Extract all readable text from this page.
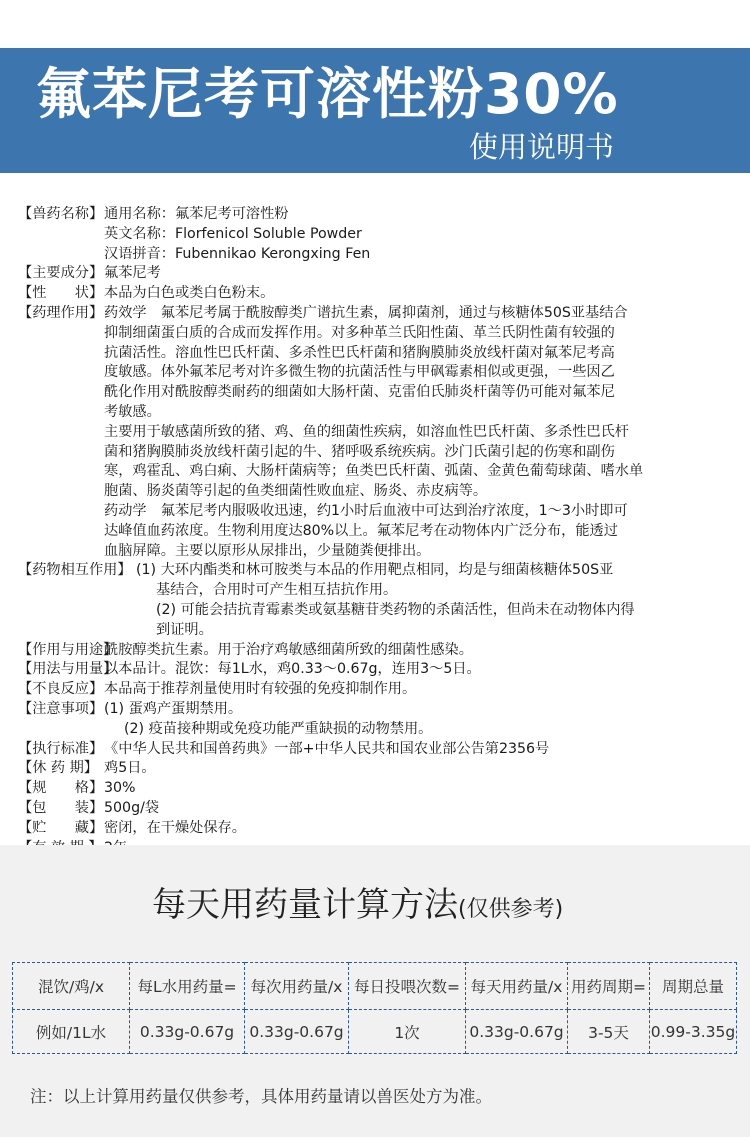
氟苯尼考可溶性粉30%
使用说明书
【兽药名称】 通用名称：氟苯尼考可溶性粉
英文名称：Florfenicol Soluble Powder
汉语拼音：Fubennikao Kerongxing Fen
【主要成分】 氟苯尼考
【性　　状】 本品为白色或类白色粉末。
【药理作用】 药效学　氟苯尼考属于酰胺醇类广谱抗生素，属抑菌剂，通过与核糖体50S亚基结合
抑制细菌蛋白质的合成而发挥作用。对多种革兰氏阳性菌、革兰氏阴性菌有较强的
抗菌活性。溶血性巴氏杆菌、多杀性巴氏杆菌和猪胸膜肺炎放线杆菌对氟苯尼考高
度敏感。体外氟苯尼考对许多微生物的抗菌活性与甲砜霉素相似或更强，一些因乙
酰化作用对酰胺醇类耐药的细菌如大肠杆菌、克雷伯氏肺炎杆菌等仍可能对氟苯尼
考敏感。
主要用于敏感菌所致的猪、鸡、鱼的细菌性疾病，如溶血性巴氏杆菌、多杀性巴氏杆
菌和猪胸膜肺炎放线杆菌引起的牛、猪呼吸系统疾病。沙门氏菌引起的伤寒和副伤
寒，鸡霍乱、鸡白痢、大肠杆菌病等；鱼类巴氏杆菌、弧菌、金黄色葡萄球菌、嗜水单
胞菌、肠炎菌等引起的鱼类细菌性败血症、肠炎、赤皮病等。
药动学　氟苯尼考内服吸收迅速，约1小时后血液中可达到治疗浓度，1～3小时即可
达峰值血药浓度。生物利用度达80%以上。氟苯尼考在动物体内广泛分布，能透过
血脑屏障。主要以原形从尿排出，少量随粪便排出。
【药物相互作用】 (1) 大环内酯类和林可胺类与本品的作用靶点相同，均是与细菌核糖体50S亚
基结合，合用时可产生相互拮抗作用。
(2) 可能会拮抗青霉素类或氨基糖苷类药物的杀菌活性，但尚未在动物体内得
到证明。
【作用与用途】
酰胺醇类抗生素。用于治疗鸡敏感细菌所致的细菌性感染。
【用法与用量】
以本品计。混饮：每1L水，鸡0.33～0.67g，连用3～5日。
【不良反应】 本品高于推荐剂量使用时有较强的免疫抑制作用。
【注意事项】 (1) 蛋鸡产蛋期禁用。
(2) 疫苗接种期或免疫功能严重缺损的动物禁用。
【执行标准】 《中华人民共和国兽药典》一部+中华人民共和国农业部公告第2356号
【休 药 期】 鸡5日。
【规　　格】 30%
【包　　装】 500g/袋
【贮　　藏】 密闭，在干燥处保存。
每天用药量计算方法(仅供参考)
混饮/鸡/x	每L水用药量=	每次用药量/x	每日投喂次数=	每天用药量/x	用药周期=	周期总量
例如/1L水	0.33g-0.67g	0.33g-0.67g	1次	0.33g-0.67g	3-5天	0.99-3.35g
注：以上计算用药量仅供参考，具体用药量请以兽医处方为准。
